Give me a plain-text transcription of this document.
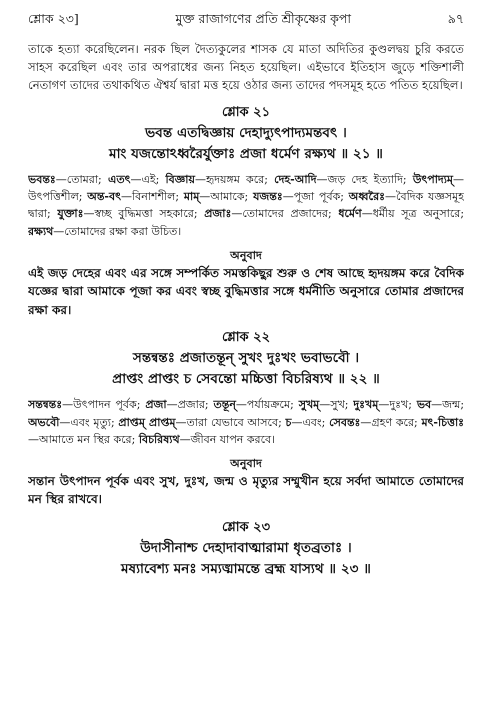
শ্লোক ২৩]	মুক্ত রাজাগণের প্রতি শ্রীকৃষ্ণের কৃপা	৯৭

তাকে হত্যা করেছিলেন। নরক ছিল দৈত্যকুলের শাসক যে মাতা অদিতির কুণ্ডলদ্বয় চুরি করতে সাহস করেছিল এবং তার অপরাধের জন্য নিহত হয়েছিল। এইভাবে ইতিহাস জুড়ে শক্তিশালী নেতাগণ তাদের তথাকথিত ঐশ্বর্য দ্বারা মত্ত হয়ে ওঠার জন্য তাদের পদসমূহ হতে পতিত হয়েছিল।

শ্লোক ২১
ভবন্ত এতদ্বিজ্ঞায় দেহাদ্যুৎপাদ্যমন্তবৎ ।
মাং যজন্তোঽধ্বরৈর্যুক্তাঃ প্রজা ধর্মেণ রক্ষ্যথ ॥ ২১ ॥
ভবন্তঃ—তোমরা; এতৎ—এই; বিজ্ঞায়—হৃদয়ঙ্গম করে; দেহ-আদি—জড় দেহ ইত্যাদি; উৎপাদ্যম্—উৎপত্তিশীল; অন্ত-বৎ—বিনাশশীল; মাম্—আমাকে; যজন্তঃ—পূজা পূর্বক; অধ্বরৈঃ—বৈদিক যজ্ঞসমূহ দ্বারা; যুক্তাঃ—স্বচ্ছ বুদ্ধিমত্তা সহকারে; প্রজাঃ—তোমাদের প্রজাদের; ধর্মেণ—ধর্মীয় সূত্র অনুসারে; রক্ষ্যথ—তোমাদের রক্ষা করা উচিত।
অনুবাদ

এই জড় দেহের এবং এর সঙ্গে সম্পর্কিত সমস্তকিছুর শুরু ও শেষ আছে হৃদয়ঙ্গম করে বৈদিক যজ্ঞের দ্বারা আমাকে পূজা কর এবং স্বচ্ছ বুদ্ধিমত্তার সঙ্গে ধর্মনীতি অনুসারে তোমার প্রজাদের রক্ষা কর।

শ্লোক ২২
সন্তন্বন্তঃ প্রজাতন্তূন্ সুখং দুঃখং ভবাভবৌ ।
প্রাপ্তং প্রাপ্তং চ সেবন্তো মচ্চিত্তা বিচরিষ্যথ ॥ ২২ ॥
সন্তন্বন্তঃ—উৎপাদন পূর্বক; প্রজা—প্রজার; তন্তূন্—পর্যায়ক্রমে; সুখম্—সুখ; দুঃখম্—দুঃখ; ভব—জন্ম; অভবৌ—এবং মৃত্যু; প্রাপ্তম্ প্রাপ্তম্—তারা যেভাবে আসবে; চ—এবং; সেবন্তঃ—গ্রহণ করে; মৎ-চিত্তাঃ—আমাতে মন স্থির করে; বিচরিষ্যথ—জীবন যাপন করবে।
অনুবাদ

সন্তান উৎপাদন পূর্বক এবং সুখ, দুঃখ, জন্ম ও মৃত্যুর সম্মুখীন হয়ে সর্বদা আমাতে তোমাদের মন স্থির রাখবে।

শ্লোক ২৩
উদাসীনাশ্চ দেহাদাবাত্মারামা ধৃতব্রতাঃ ।
মষ্যাবেশ্য মনঃ সম্যঙ্মামন্তে ব্রহ্ম যাস্যথ ॥ ২৩ ॥
